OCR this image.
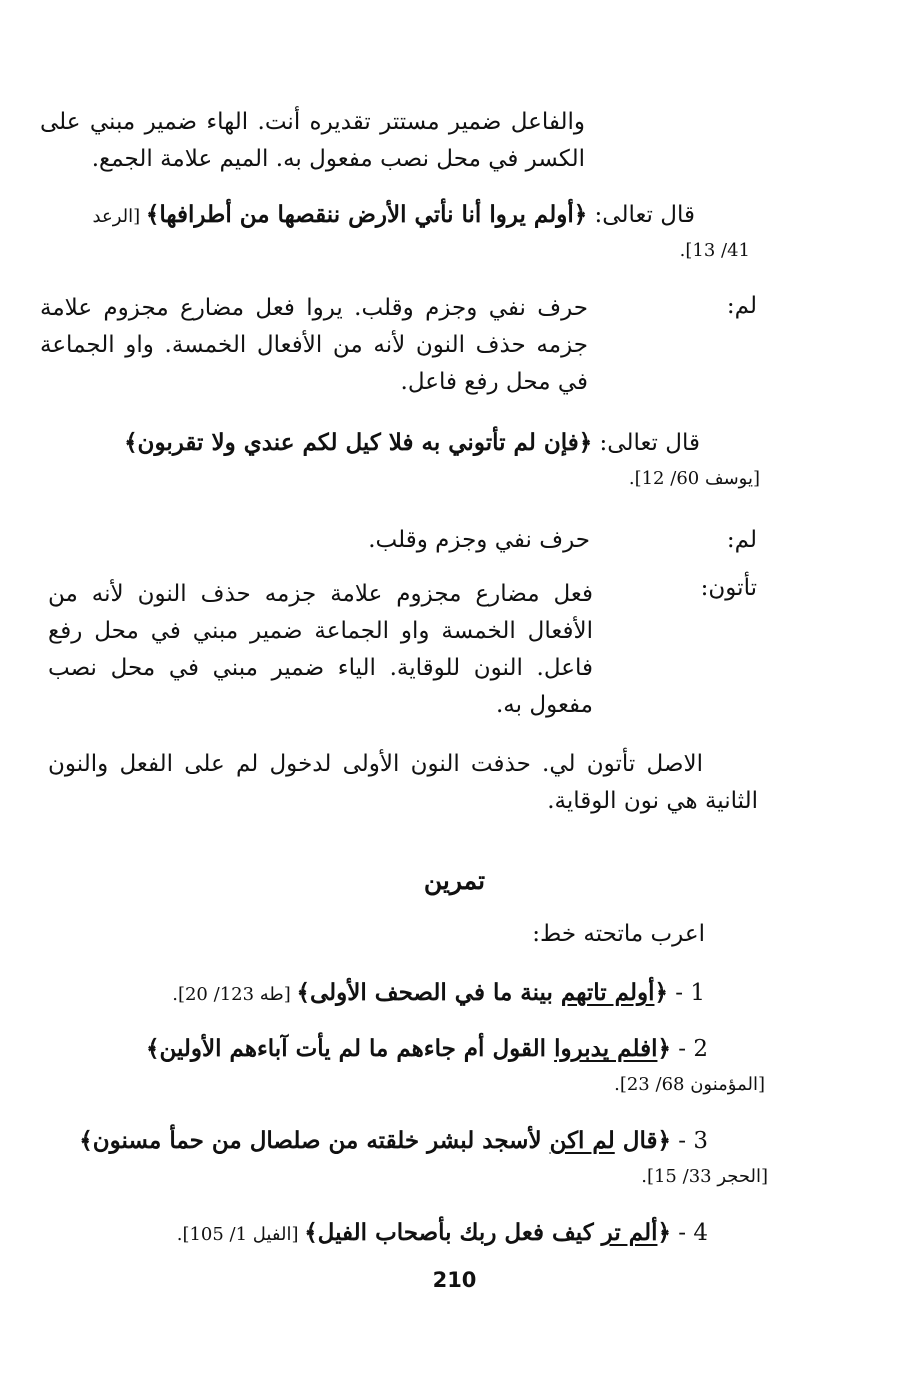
والفاعل ضمير مستتر تقديره أنت. الهاء ضمير مبني على
الكسر في محل نصب مفعول به. الميم علامة الجمع.
قال تعالى: ﴿أولم يروا أنا نأتي الأرض ننقصها من أطرافها﴾ [الرعد
41/ 13].
لم:
حرف نفي وجزم وقلب. يروا فعل مضارع مجزوم علامة
جزمه حذف النون لأنه من الأفعال الخمسة. واو الجماعة
في محل رفع فاعل.
قال تعالى: ﴿فإن لم تأتوني به فلا كيل لكم عندي ولا تقربون﴾
[يوسف 60/ 12].
لم:
حرف نفي وجزم وقلب.
تأتون:
فعل مضارع مجزوم علامة جزمه حذف النون لأنه من
الأفعال الخمسة واو الجماعة ضمير مبني في محل رفع
فاعل. النون للوقاية. الياء ضمير مبني في محل نصب
مفعول به.
الاصل تأتون لي. حذفت النون الأولى لدخول لم على الفعل والنون
الثانية هي نون الوقاية.
تمرين
اعرب ماتحته خط:
1 - ﴿أولم تاتهم بينة ما في الصحف الأولى﴾ [طه 123/ 20].
2 - ﴿افلم يدبروا القول أم جاءهم ما لم يأت آباءهم الأولين﴾
[المؤمنون 68/ 23].
3 - ﴿قال لم اكن لأسجد لبشر خلقته من صلصال من حمأ مسنون﴾
[الحجر 33/ 15].
4 - ﴿ألم تر كيف فعل ربك بأصحاب الفيل﴾ [الفيل 1/ 105].
210
